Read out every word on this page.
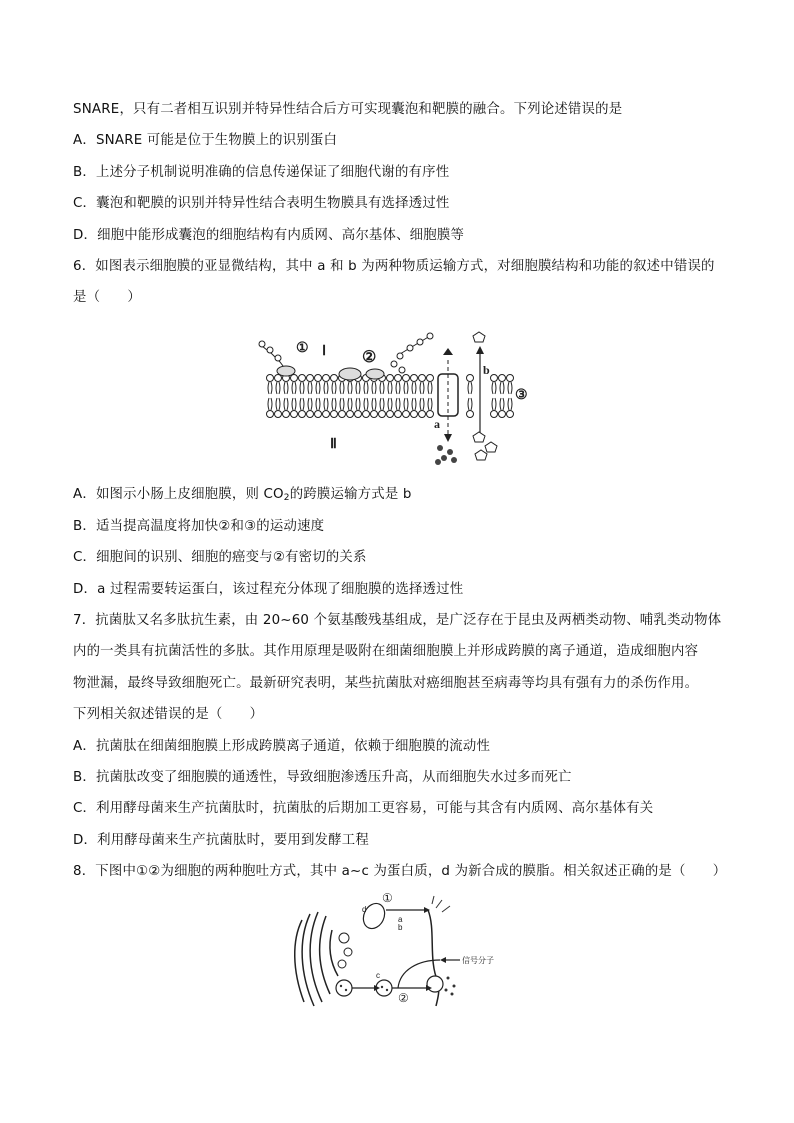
SNARE，只有二者相互识别并特异性结合后方可实现囊泡和靶膜的融合。下列论述错误的是
A．SNARE 可能是位于生物膜上的识别蛋白
B．上述分子机制说明准确的信息传递保证了细胞代谢的有序性
C．囊泡和靶膜的识别并特异性结合表明生物膜具有选择透过性
D．细胞中能形成囊泡的细胞结构有内质网、高尔基体、细胞膜等
6．如图表示细胞膜的亚显微结构，其中 a 和 b 为两种物质运输方式，对细胞膜结构和功能的叙述中错误的
是（　　）
①
②
③
Ⅰ
Ⅱ
a
b
A．如图示小肠上皮细胞膜，则 $CO_2$的跨膜运输方式是 b
B．适当提高温度将加快②和③的运动速度
C．细胞间的识别、细胞的癌变与②有密切的关系
D．a 过程需要转运蛋白，该过程充分体现了细胞膜的选择透过性
7．抗菌肽又名多肽抗生素，由 20~60 个氨基酸残基组成，是广泛存在于昆虫及两栖类动物、哺乳类动物体
内的一类具有抗菌活性的多肽。其作用原理是吸附在细菌细胞膜上并形成跨膜的离子通道，造成细胞内容
物泄漏，最终导致细胞死亡。最新研究表明，某些抗菌肽对癌细胞甚至病毒等均具有强有力的杀伤作用。
下列相关叙述错误的是（　　）
A．抗菌肽在细菌细胞膜上形成跨膜离子通道，依赖于细胞膜的流动性
B．抗菌肽改变了细胞膜的通透性，导致细胞渗透压升高，从而细胞失水过多而死亡
C．利用酵母菌来生产抗菌肽时，抗菌肽的后期加工更容易，可能与其含有内质网、高尔基体有关
D．利用酵母菌来生产抗菌肽时，要用到发酵工程
8．下图中①②为细胞的两种胞吐方式，其中 a~c 为蛋白质，d 为新合成的膜脂。相关叙述正确的是（　　）
①
②
d
a
b
c
信号分子
